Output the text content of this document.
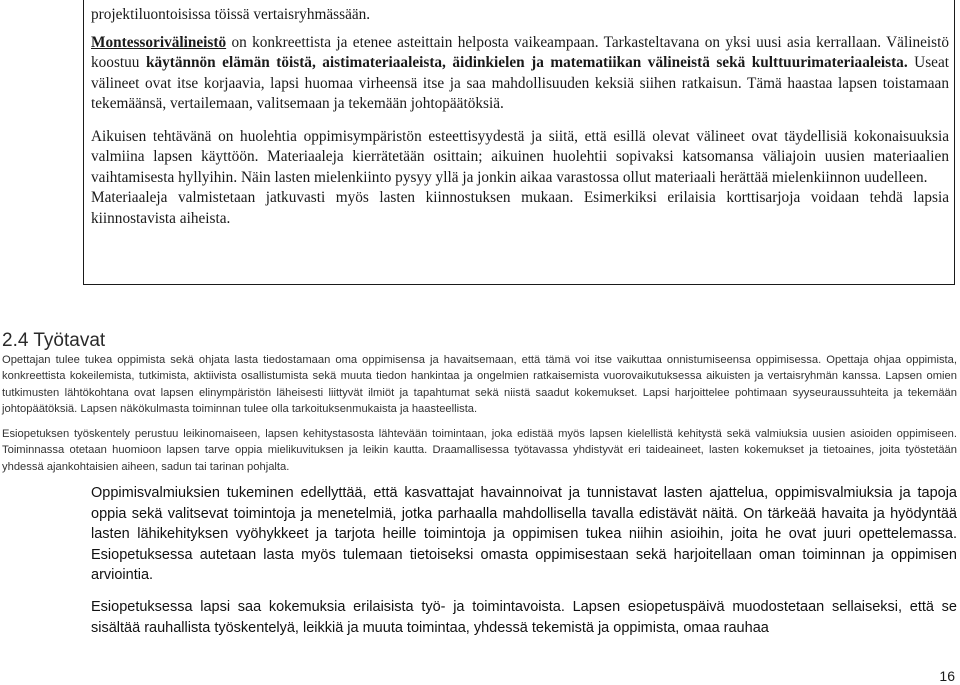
projektiluontoisissa töissä vertaisryhmässään.

Montessorivälineistö on konkreettista ja etenee asteittain helposta vaikeampaan. Tarkasteltavana on yksi uusi asia kerrallaan. Välineistö koostuu käytännön elämän töistä, aistimateriaaleista, äidinkielen ja matematiikan välineistä sekä kulttuurimateriaaleista. Useat välineet ovat itse korjaavia, lapsi huomaa virheensä itse ja saa mahdollisuuden keksiä siihen ratkaisun. Tämä haastaa lapsen toistamaan tekemäänsä, vertailemaan, valitsemaan ja tekemään johtopäätöksiä.

Aikuisen tehtävänä on huolehtia oppimisympäristön esteettisyydestä ja siitä, että esillä olevat välineet ovat täydellisiä kokonaisuuksia valmiina lapsen käyttöön. Materiaaleja kierrätetään osittain; aikuinen huolehtii sopivaksi katsomansa väliajoin uusien materiaalien vaihtamisesta hyllyihin. Näin lasten mielenkiinto pysyy yllä ja jonkin aikaa varastossa ollut materiaali herättää mielenkiinnon uudelleen.

Materiaaleja valmistetaan jatkuvasti myös lasten kiinnostuksen mukaan. Esimerkiksi erilaisia korttisarjoja voidaan tehdä lapsia kiinnostavista aiheista.

2.4 Työtavat

Opettajan tulee tukea oppimista sekä ohjata lasta tiedostamaan oma oppimisensa ja havaitsemaan, että tämä voi itse vaikuttaa onnistumiseensa oppimisessa. Opettaja ohjaa oppimista, konkreettista kokeilemista, tutkimista, aktiivista osallistumista sekä muuta tiedon hankintaa ja ongelmien ratkaisemista vuorovaikutuksessa aikuisten ja vertaisryhmän kanssa. Lapsen omien tutkimusten lähtökohtana ovat lapsen elinympäristön läheisesti liittyvät ilmiöt ja tapahtumat sekä niistä saadut kokemukset. Lapsi harjoittelee pohtimaan syyseuraussuhteita ja tekemään johtopäätöksiä. Lapsen näkökulmasta toiminnan tulee olla tarkoituksenmukaista ja haasteellista.

Esiopetuksen työskentely perustuu leikinomaiseen, lapsen kehitystasosta lähtevään toimintaan, joka edistää myös lapsen kielellistä kehitystä sekä valmiuksia uusien asioiden oppimiseen. Toiminnassa otetaan huomioon lapsen tarve oppia mielikuvituksen ja leikin kautta. Draamallisessa työtavassa yhdistyvät eri taideaineet, lasten kokemukset ja tietoaines, joita työstetään yhdessä ajankohtaisien aiheen, sadun tai tarinan pohjalta.

Oppimisvalmiuksien tukeminen edellyttää, että kasvattajat havainnoivat ja tunnistavat lasten ajattelua, oppimisvalmiuksia ja tapoja oppia sekä valitsevat toimintoja ja menetelmiä, jotka parhaalla mahdollisella tavalla edistävät näitä. On tärkeää havaita ja hyödyntää lasten lähikehityksen vyöhykkeet ja tarjota heille toimintoja ja oppimisen tukea niihin asioihin, joita he ovat juuri opettelemassa. Esiopetuksessa autetaan lasta myös tulemaan tietoiseksi omasta oppimisestaan sekä harjoitellaan oman toiminnan ja oppimisen arviointia.

Esiopetuksessa lapsi saa kokemuksia erilaisista työ- ja toimintavoista. Lapsen esiopetuspäivä muodostetaan sellaiseksi, että se sisältää rauhallista työskentelyä, leikkiä ja muuta toimintaa, yhdessä tekemistä ja oppimista, omaa rauhaa

16
